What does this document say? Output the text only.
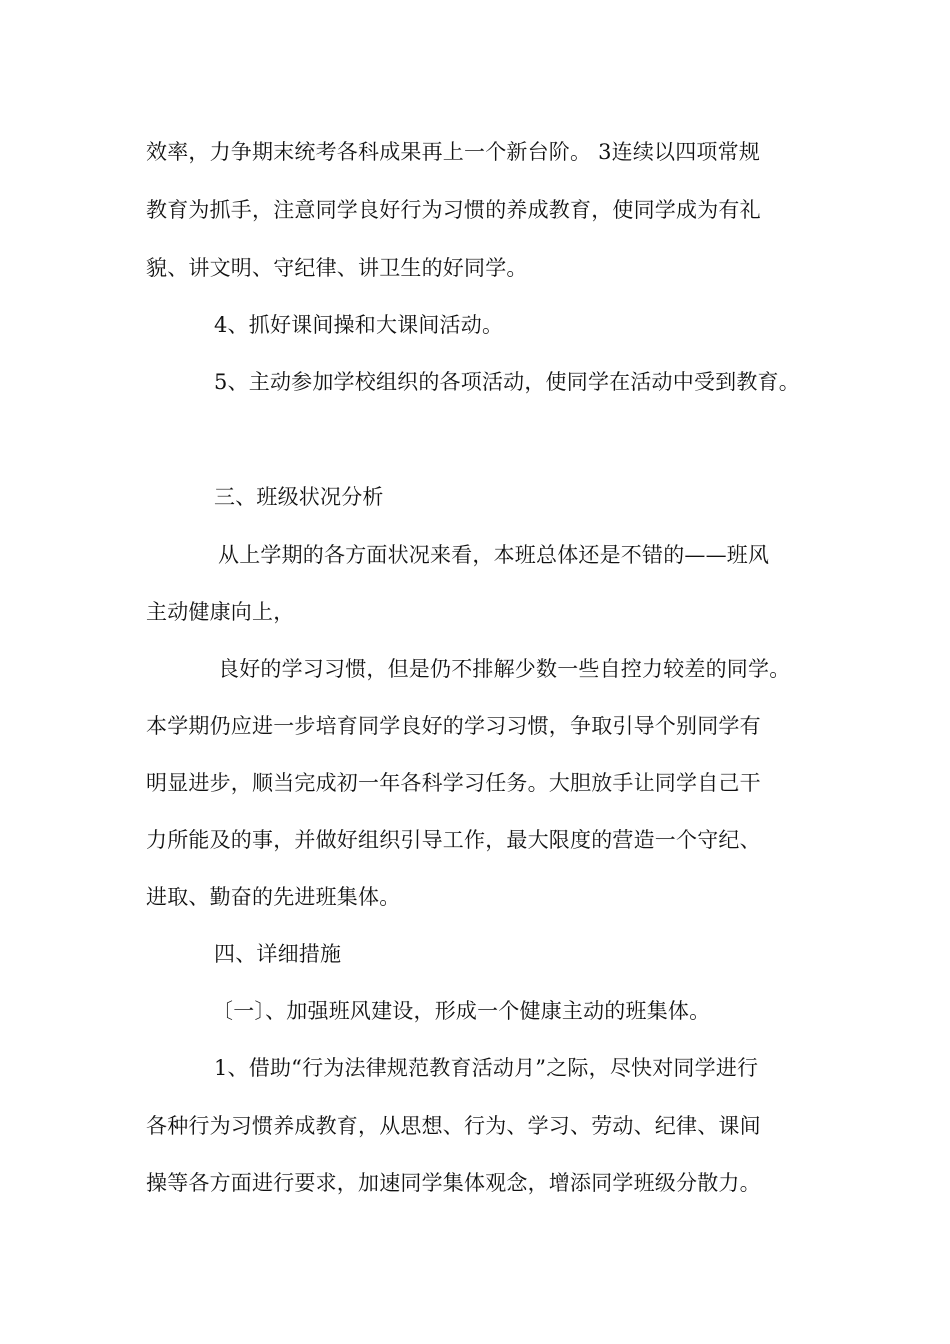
效率，力争期末统考各科成果再上一个新台阶。 3连续以四项常规
教育为抓手，注意同学良好行为习惯的养成教育，使同学成为有礼
貌、讲文明、守纪律、讲卫生的好同学。
4、抓好课间操和大课间活动。
5、主动参加学校组织的各项活动，使同学在活动中受到教育。
三、班级状况分析
从上学期的各方面状况来看，本班总体还是不错的——班风
主动健康向上，
良好的学习习惯，但是仍不排解少数一些自控力较差的同学。
本学期仍应进一步培育同学良好的学习习惯，争取引导个别同学有
明显进步，顺当完成初一年各科学习任务。大胆放手让同学自己干
力所能及的事，并做好组织引导工作，最大限度的营造一个守纪、
进取、勤奋的先进班集体。
四、详细措施
〔一〕、加强班风建设，形成一个健康主动的班集体。
1、借助“行为法律规范教育活动月”之际，尽快对同学进行
各种行为习惯养成教育，从思想、行为、学习、劳动、纪律、课间
操等各方面进行要求，加速同学集体观念，增添同学班级分散力。
